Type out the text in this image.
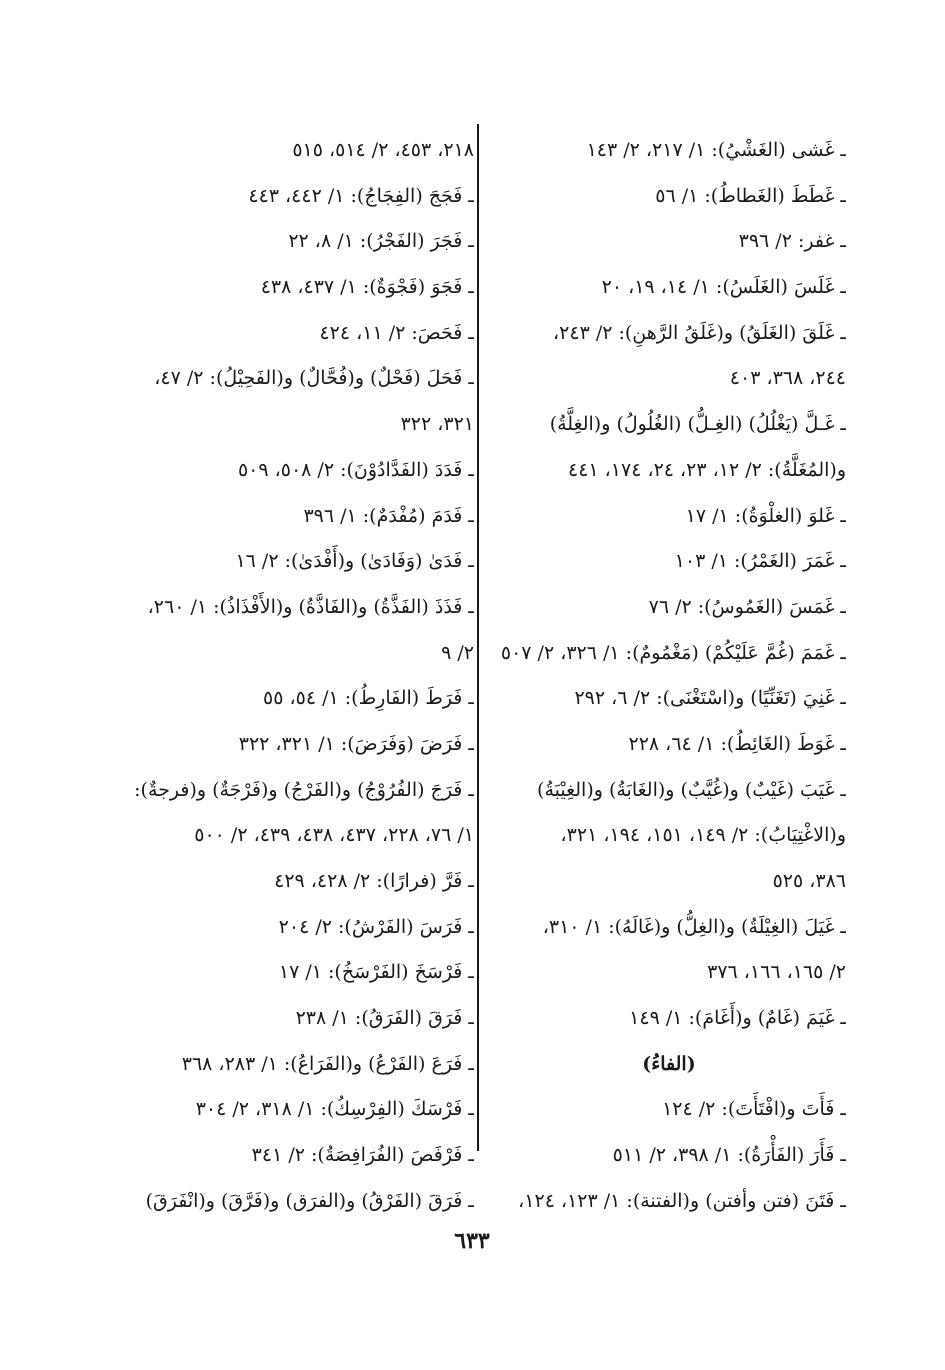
ـ غَشى (الغَشْيُ): ١/ ٢١٧، ٢/ ١٤٣
ـ غَطَطَ (الغَطاطُ): ١/ ٥٦
ـ غفر: ٢/ ٣٩٦
ـ غَلَسَ (الغَلَسُ): ١/ ١٤، ١٩، ٢٠
ـ غَلَقَ (الغَلَقُ) و(غَلَقُ الرَّهنِ): ٢/ ٢٤٣،
٢٤٤، ٣٦٨، ٤٠٣
ـ غَـلَّ (يَغْلُلُ) (الغِـلُّ) (الغُلُولُ) و(الغِلَّةُ)
و(المُغَلَّةُ): ٢/ ١٢، ٢٣، ٢٤، ١٧٤، ٤٤١
ـ غَلوَ (الغلْوَةُ): ١/ ١٧
ـ غَمَرَ (الغَمْرُ): ١/ ١٠٣
ـ غَمَسَ (الغَمُوسُ): ٢/ ٧٦
ـ غَمَمَ (غُمَّ عَلَيْكُمْ) (مَغْمُومٌ): ١/ ٣٢٦، ٢/ ٥٠٧
ـ غَنِيَ (تَغَنِّيًا) و(اسْتَغْنَى): ٢/ ٦، ٢٩٢
ـ غَوَطَ (الغَائِطُ): ١/ ٦٤، ٢٢٨
ـ غَيَبَ (غَيْبٌ) و(غُيَّبٌ) و(الغَابَةُ) و(الغِيْبَةُ)
و(الاغْتِيَابُ): ٢/ ١٤٩، ١٥١، ١٩٤، ٣٢١،
٣٨٦، ٥٢٥
ـ غَيَلَ (الغِيْلَةُ) و(الغِلُّ) و(غَالَهُ): ١/ ٣١٠،
٢/ ١٦٥، ١٦٦، ٣٧٦
ـ غَيَمَ (غَامٌ) و(أَغَامَ): ١/ ١٤٩
(الفاءُ)
ـ فَأَتَ و(افْتَأَتَ): ٢/ ١٢٤
ـ فَأَرَ (الفَأْرَةُ): ١/ ٣٩٨، ٢/ ٥١١
ـ فَتَنَ (فتن وأفتن) و(الفتنة): ١/ ١٢٣، ١٢٤،
٢١٨، ٤٥٣، ٢/ ٥١٤، ٥١٥
ـ فَجَجَ (الفِجَاجُ): ١/ ٤٤٢، ٤٤٣
ـ فَجَرَ (الفَجْرُ): ١/ ٨، ٢٢
ـ فَجَوَ (فَجْوَةٌ): ١/ ٤٣٧، ٤٣٨
ـ فَحَصَ: ٢/ ١١، ٤٢٤
ـ فَحَلَ (فَحْلٌ) و(فُحَّالٌ) و(الفَحِيْلُ): ٢/ ٤٧،
٣٢١، ٣٢٢
ـ فَدَدَ (الفَدَّادُوْنَ): ٢/ ٥٠٨، ٥٠٩
ـ فَدَمَ (مُفْدَمٌ): ١/ ٣٩٦
ـ فَدَىٰ (وَفَادَىٰ) و(أَفْدَىٰ): ٢/ ١٦
ـ فَذَذَ (الفَذَّةُ) و(الفَاذَّةُ) و(الأَفْذَاذُ): ١/ ٢٦٠،
٢/ ٩
ـ فَرَطَ (الفَارِطُ): ١/ ٥٤، ٥٥
ـ فَرَضَ (وَفَرَضَ): ١/ ٣٢١، ٣٢٢
ـ فَرَجَ (الفُرُوْجُ) و(الفَرْجُ) و(فَرْجَةٌ) و(فرجةٌ):
١/ ٧٦، ٢٢٨، ٤٣٧، ٤٣٨، ٤٣٩، ٢/ ٥٠٠
ـ فَرَّ (فرارًا): ٢/ ٤٢٨، ٤٢٩
ـ فَرَسَ (الفَرْشُ): ٢/ ٢٠٤
ـ فَرْسَخَ (الفَرْسَخُ): ١/ ١٧
ـ فَرَقَ (الفَرَقُ): ١/ ٢٣٨
ـ فَرَعَ (الفَرْعُ) و(الفَرَاعُ): ١/ ٢٨٣، ٣٦٨
ـ فَرْسَكَ (الفِرْسِكُ): ١/ ٣١٨، ٢/ ٣٠٤
ـ فَرْفَصَ (الفُرَافِصَةُ): ٢/ ٣٤١
ـ فَرَقَ (الفَرْقُ) و(الفرَق) و(فَرَّقَ) و(انْفَرَقَ)
٦٣٣
